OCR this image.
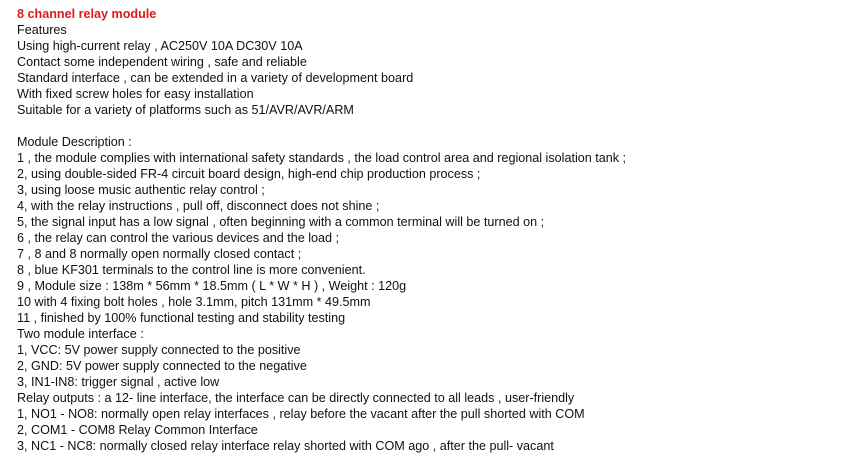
8 channel relay module
Features
Using high-current relay , AC250V 10A DC30V 10A
Contact some independent wiring , safe and reliable
Standard interface , can be extended in a variety of development board
With fixed screw holes for easy installation
Suitable for a variety of platforms such as 51/AVR/AVR/ARM
Module Description :
1 , the module complies with international safety standards , the load control area and regional isolation tank ;
2, using double-sided FR-4 circuit board design, high-end chip production process ;
3, using loose music authentic relay control ;
4, with the relay instructions , pull off, disconnect does not shine ;
5, the signal input has a low signal , often beginning with a common terminal will be turned on ;
6 , the relay can control the various devices and the load ;
7 , 8 and 8 normally open normally closed contact ;
8 , blue KF301 terminals to the control line is more convenient.
9 , Module size : 138m * 56mm * 18.5mm ( L * W * H ) , Weight : 120g
10 with 4 fixing bolt holes , hole 3.1mm, pitch 131mm * 49.5mm
11 , finished by 100% functional testing and stability testing
Two module interface :
1, VCC: 5V power supply connected to the positive
2, GND: 5V power supply connected to the negative
3, IN1-IN8: trigger signal , active low
Relay outputs : a 12- line interface, the interface can be directly connected to all leads , user-friendly
1, NO1 - NO8: normally open relay interfaces , relay before the vacant after the pull shorted with COM
2, COM1 - COM8 Relay Common Interface
3, NC1 - NC8: normally closed relay interface relay shorted with COM ago , after the pull- vacant
